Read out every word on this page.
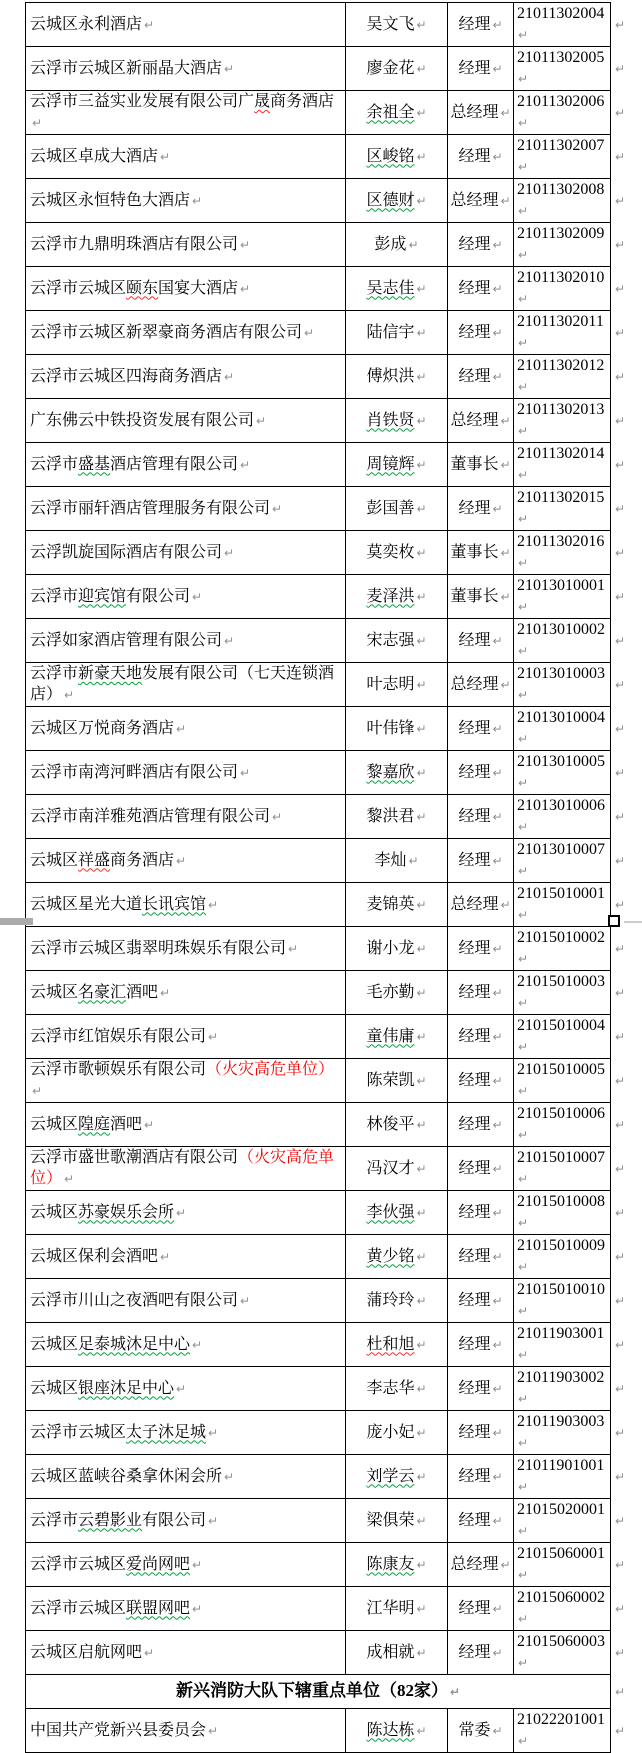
云城区永利酒店 ↵	吴文飞 ↵	经理 ↵	21011302004↵	↵
云浮市云城区新丽晶大酒店 ↵	廖金花 ↵	经理 ↵	21011302005↵	↵
云浮市三益实业发展有限公司广晟商务酒店↵	余祖全 ↵	总经理 ↵	21011302006↵	↵
云城区卓成大酒店 ↵	区峻铭 ↵	经理 ↵	21011302007↵	↵
云城区永恒特色大酒店 ↵	区德财 ↵	总经理 ↵	21011302008↵	↵
云浮市九鼎明珠酒店有限公司 ↵	彭成 ↵	经理 ↵	21011302009↵	↵
云浮市云城区颐东国宴大酒店 ↵	吴志佳 ↵	经理 ↵	21011302010↵	↵
云浮市云城区新翠豪商务酒店有限公司 ↵	陆信宇 ↵	经理 ↵	21011302011↵	↵
云浮市云城区四海商务酒店 ↵	傅炽洪 ↵	经理 ↵	21011302012↵	↵
广东佛云中铁投资发展有限公司 ↵	肖铁贤 ↵	总经理 ↵	21011302013↵	↵
云浮市盛基酒店管理有限公司 ↵	周镜辉 ↵	董事长 ↵	21011302014↵	↵
云浮市丽轩酒店管理服务有限公司 ↵	彭国善 ↵	经理 ↵	21011302015↵	↵
云浮凯旋国际酒店有限公司 ↵	莫奕枚 ↵	董事长 ↵	21011302016↵	↵
云浮市迎宾馆有限公司 ↵	麦泽洪 ↵	董事长 ↵	21013010001↵	↵
云浮如家酒店管理有限公司 ↵	宋志强 ↵	经理 ↵	21013010002↵	↵
云浮市新豪天地发展有限公司（七天连锁酒店） ↵	叶志明 ↵	总经理 ↵	21013010003↵	↵
云城区万悦商务酒店 ↵	叶伟锋 ↵	经理 ↵	21013010004↵	↵
云浮市南湾河畔酒店有限公司 ↵	黎嘉欣 ↵	经理 ↵	21013010005↵	↵
云浮市南洋雅苑酒店管理有限公司 ↵	黎洪君 ↵	经理 ↵	21013010006↵	↵
云城区祥盛商务酒店 ↵	李灿 ↵	经理 ↵	21013010007↵	↵
云城区星光大道长讯宾馆 ↵	麦锦英 ↵	总经理 ↵	21015010001↵	↵
云浮市云城区翡翠明珠娱乐有限公司 ↵	谢小龙 ↵	经理 ↵	21015010002↵	↵
云城区名豪汇酒吧 ↵	毛亦勤 ↵	经理 ↵	21015010003↵	↵
云浮市红馆娱乐有限公司 ↵	童伟庸 ↵	经理 ↵	21015010004↵	↵
云浮市歌顿娱乐有限公司（火灾高危单位）↵	陈荣凯 ↵	经理 ↵	21015010005↵	↵
云城区隍庭酒吧 ↵	林俊平 ↵	经理 ↵	21015010006↵	↵
云浮市盛世歌潮酒店有限公司（火灾高危单位） ↵	冯汉才 ↵	经理 ↵	21015010007↵	↵
云城区苏豪娱乐会所 ↵	李伙强 ↵	经理 ↵	21015010008↵	↵
云城区保利会酒吧 ↵	黄少铭 ↵	经理 ↵	21015010009↵	↵
云浮市川山之夜酒吧有限公司 ↵	蒲玲玲 ↵	经理 ↵	21015010010↵	↵
云城区足泰城沐足中心 ↵	杜和旭 ↵	经理 ↵	21011903001↵	↵
云城区银座沐足中心 ↵	李志华 ↵	经理 ↵	21011903002↵	↵
云浮市云城区太子沐足城 ↵	庞小妃 ↵	经理 ↵	21011903003↵	↵
云城区蓝峡谷桑拿休闲会所 ↵	刘学云 ↵	经理 ↵	21011901001↵	↵
云浮市云碧影业有限公司 ↵	梁俱荣 ↵	经理 ↵	21015020001↵	↵
云浮市云城区爱尚网吧 ↵	陈康友 ↵	总经理 ↵	21015060001↵	↵
云浮市云城区联盟网吧 ↵	江华明 ↵	经理 ↵	21015060002↵	↵
云城区启航网吧 ↵	成相就 ↵	经理 ↵	21015060003↵	↵
新兴消防大队下辖重点单位（82家） ↵				↵
中国共产党新兴县委员会 ↵	陈达栋 ↵	常委 ↵	21022201001↵	↵
